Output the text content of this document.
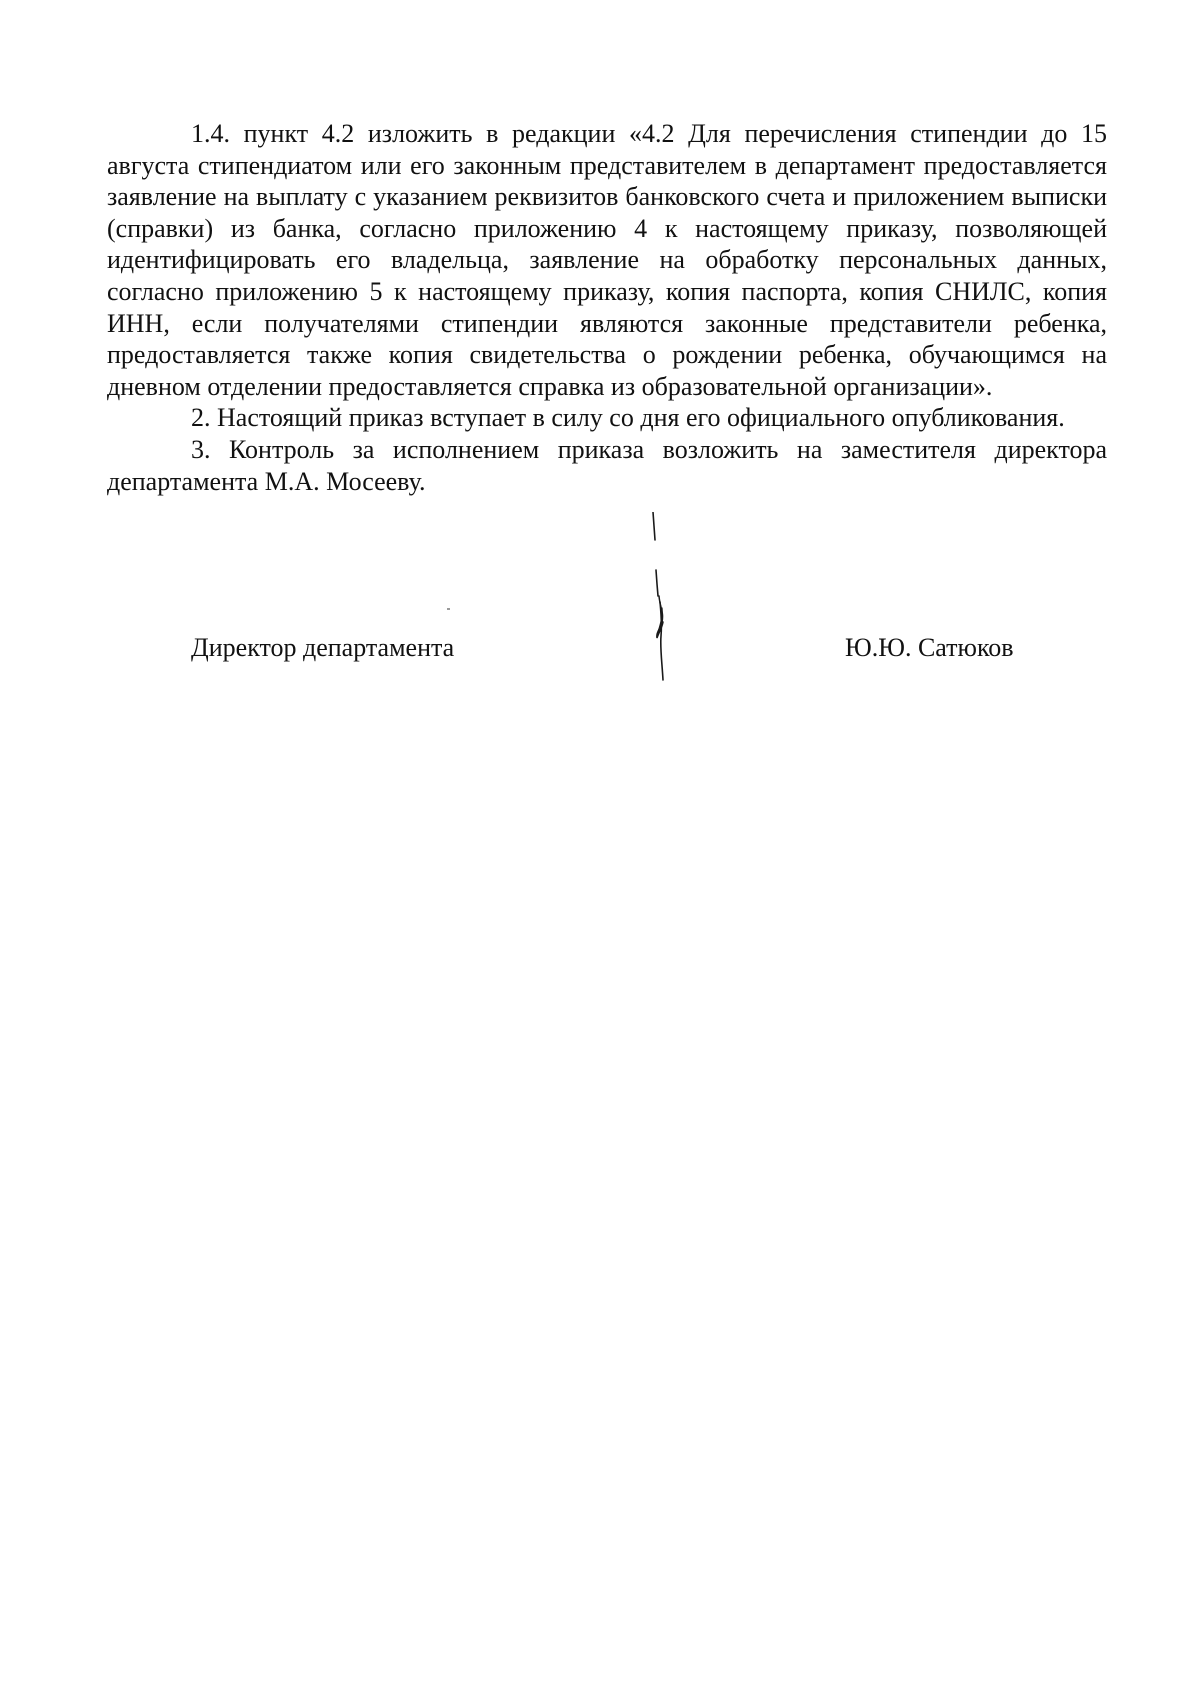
1.4. пункт 4.2 изложить в редакции «4.2 Для перечисления стипендии до 15 августа стипендиатом или его законным представителем в департамент предоставляется заявление на выплату с указанием реквизитов банковского счета и приложением выписки (справки) из банка, согласно приложению 4 к настоящему приказу, позволяющей идентифицировать его владельца, заявление на обработку персональных данных, согласно приложению 5 к настоящему приказу, копия паспорта, копия СНИЛС, копия ИНН, если получателями стипендии являются законные представители ребенка, предоставляется также копия свидетельства о рождении ребенка, обучающимся на дневном отделении предоставляется справка из образовательной организации».

2. Настоящий приказ вступает в силу со дня его официального опубликования.

3. Контроль за исполнением приказа возложить на заместителя директора департамента М.А. Мосееву.

Директор департамента	Ю.Ю. Сатюков
